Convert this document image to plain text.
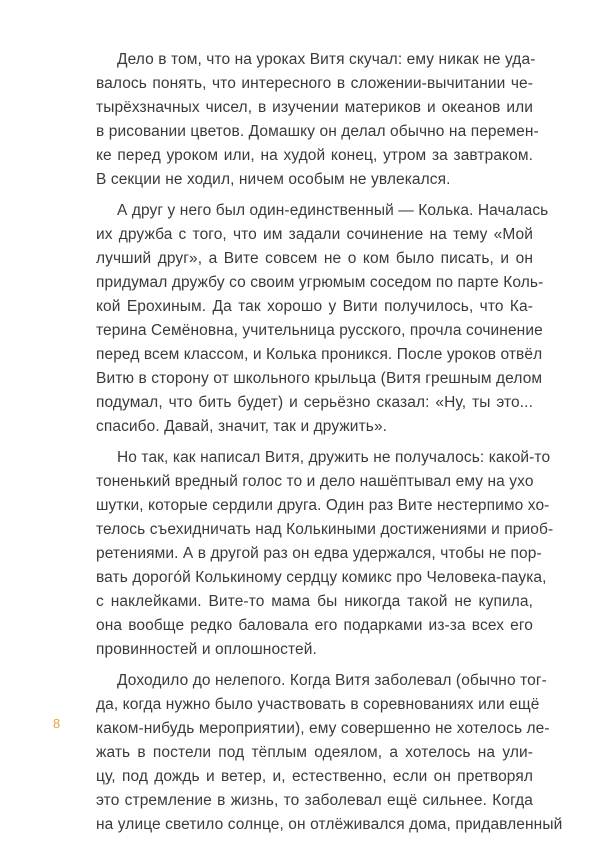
Дело в том, что на уроках Витя скучал: ему никак не уда-
валось понять, что интересного в сложении-вычитании че-
тырёхзначных чисел, в изучении материков и океанов или
в рисовании цветов. Домашку он делал обычно на перемен-
ке перед уроком или, на худой конец, утром за завтраком.
В секции не ходил, ничем особым не увлекался.
А друг у него был один-единственный — Колька. Началась
их дружба с того, что им задали сочинение на тему «Мой
лучший друг», а Вите совсем не о ком было писать, и он
придумал дружбу со своим угрюмым соседом по парте Коль-
кой Ерохиным. Да так хорошо у Вити получилось, что Ка-
терина Семёновна, учительница русского, прочла сочинение
перед всем классом, и Колька проникся. После уроков отвёл
Витю в сторону от школьного крыльца (Витя грешным делом
подумал, что бить будет) и серьёзно сказал: «Ну, ты это...
спасибо. Давай, значит, так и дружить».
Но так, как написал Витя, дружить не получалось: какой-то
тоненький вредный голос то и дело нашёптывал ему на ухо
шутки, которые сердили друга. Один раз Вите нестерпимо хо-
телось съехидничать над Колькиными достижениями и приоб-
ретениями. А в другой раз он едва удержался, чтобы не пор-
вать дорогóй Колькиному сердцу комикс про Человека-паука,
с наклейками. Вите-то мама бы никогда такой не купила,
она вообще редко баловала его подарками из-за всех его
провинностей и оплошностей.
Доходило до нелепого. Когда Витя заболевал (обычно тог-
да, когда нужно было участвовать в соревнованиях или ещё
каком-нибудь мероприятии), ему совершенно не хотелось ле-
жать в постели под тёплым одеялом, а хотелось на ули-
цу, под дождь и ветер, и, естественно, если он претворял
это стремление в жизнь, то заболевал ещё сильнее. Когда
на улице светило солнце, он отлёживался дома, придавленный
8
